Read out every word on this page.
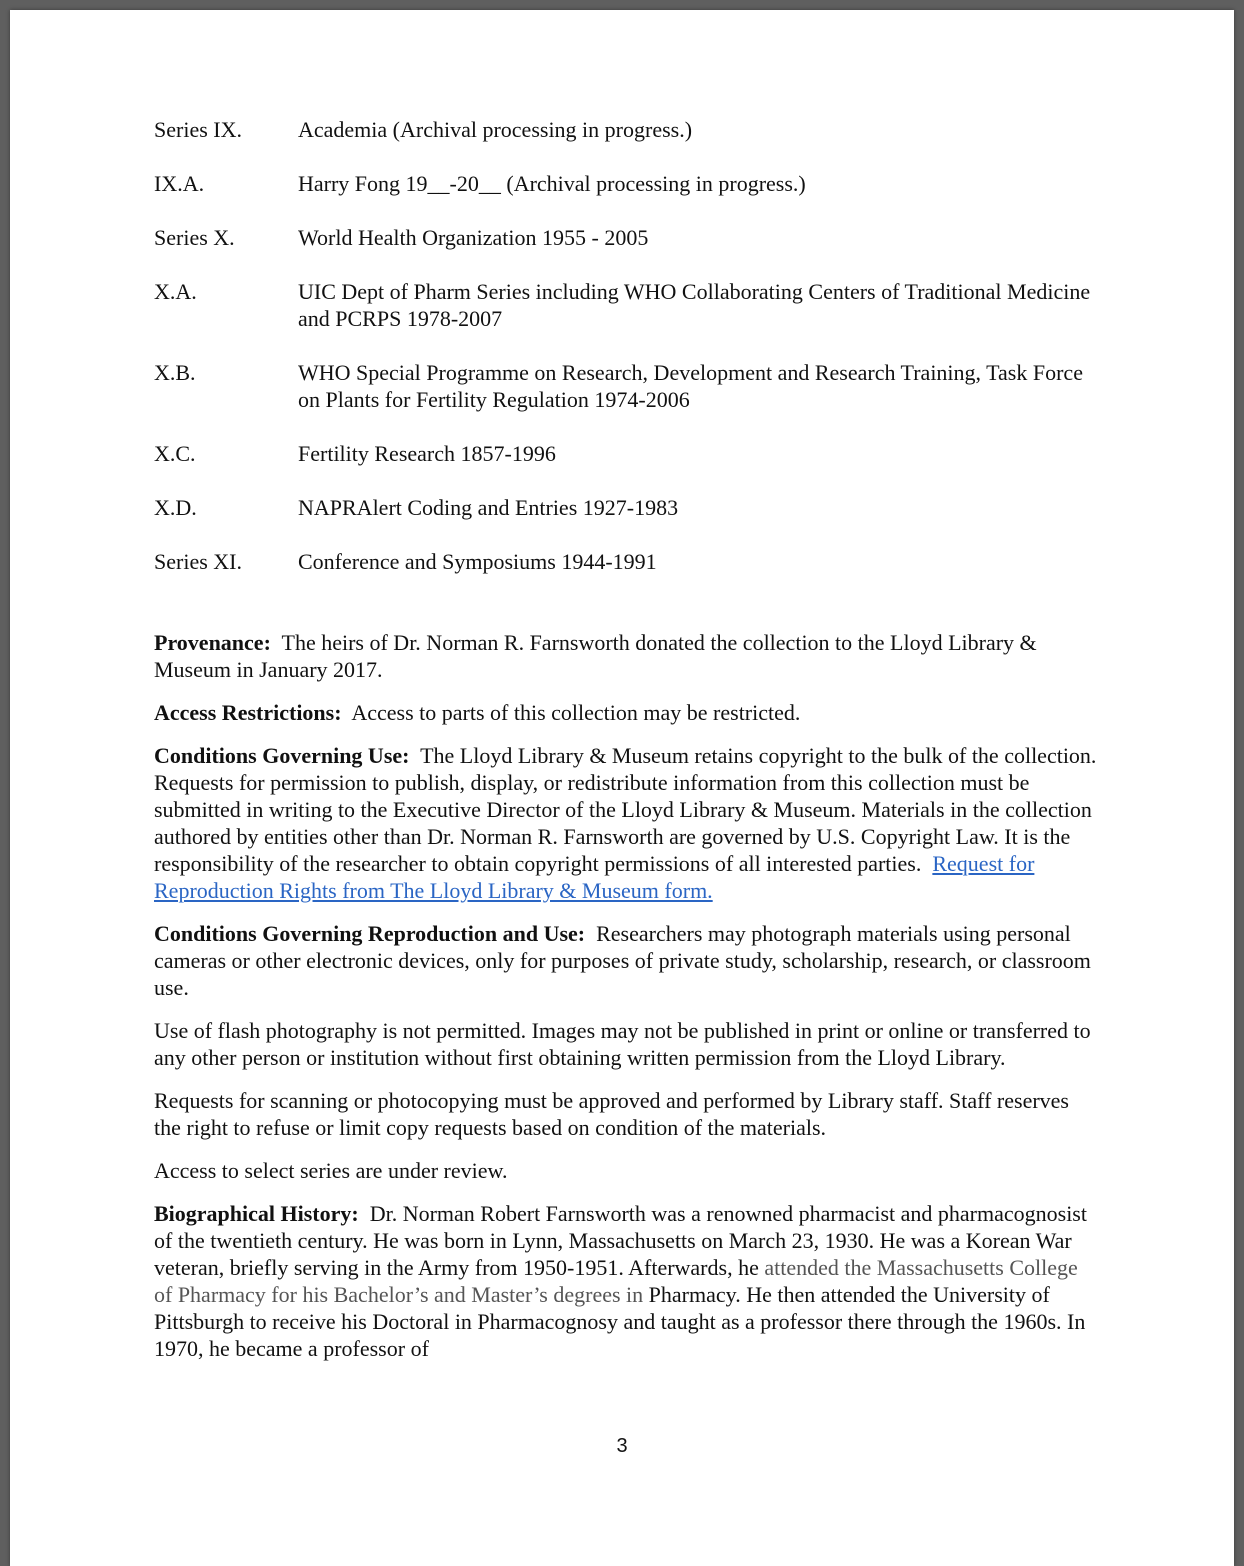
Series IX.	Academia (Archival processing in progress.)
IX.A.	Harry Fong 19__-20__ (Archival processing in progress.)
Series X.	World Health Organization 1955 - 2005
X.A.	UIC Dept of Pharm Series including WHO Collaborating Centers of Traditional Medicine and PCRPS 1978-2007
X.B.	WHO Special Programme on Research, Development and Research Training, Task Force on Plants for Fertility Regulation 1974-2006
X.C.	Fertility Research 1857-1996
X.D.	NAPRAlert Coding and Entries 1927-1983
Series XI.	Conference and Symposiums 1944-1991

Provenance: The heirs of Dr. Norman R. Farnsworth donated the collection to the Lloyd Library & Museum in January 2017.

Access Restrictions: Access to parts of this collection may be restricted.

Conditions Governing Use: The Lloyd Library & Museum retains copyright to the bulk of the collection. Requests for permission to publish, display, or redistribute information from this collection must be submitted in writing to the Executive Director of the Lloyd Library & Museum. Materials in the collection authored by entities other than Dr. Norman R. Farnsworth are governed by U.S. Copyright Law. It is the responsibility of the researcher to obtain copyright permissions of all interested parties. Request for Reproduction Rights from The Lloyd Library & Museum form.

Conditions Governing Reproduction and Use: Researchers may photograph materials using personal cameras or other electronic devices, only for purposes of private study, scholarship, research, or classroom use.

Use of flash photography is not permitted. Images may not be published in print or online or transferred to any other person or institution without first obtaining written permission from the Lloyd Library.

Requests for scanning or photocopying must be approved and performed by Library staff. Staff reserves the right to refuse or limit copy requests based on condition of the materials.

Access to select series are under review.

Biographical History: Dr. Norman Robert Farnsworth was a renowned pharmacist and pharmacognosist of the twentieth century. He was born in Lynn, Massachusetts on March 23, 1930. He was a Korean War veteran, briefly serving in the Army from 1950-1951. Afterwards, he attended the Massachusetts College of Pharmacy for his Bachelor’s and Master’s degrees in Pharmacy. He then attended the University of Pittsburgh to receive his Doctoral in Pharmacognosy and taught as a professor there through the 1960s. In 1970, he became a professor of

3
